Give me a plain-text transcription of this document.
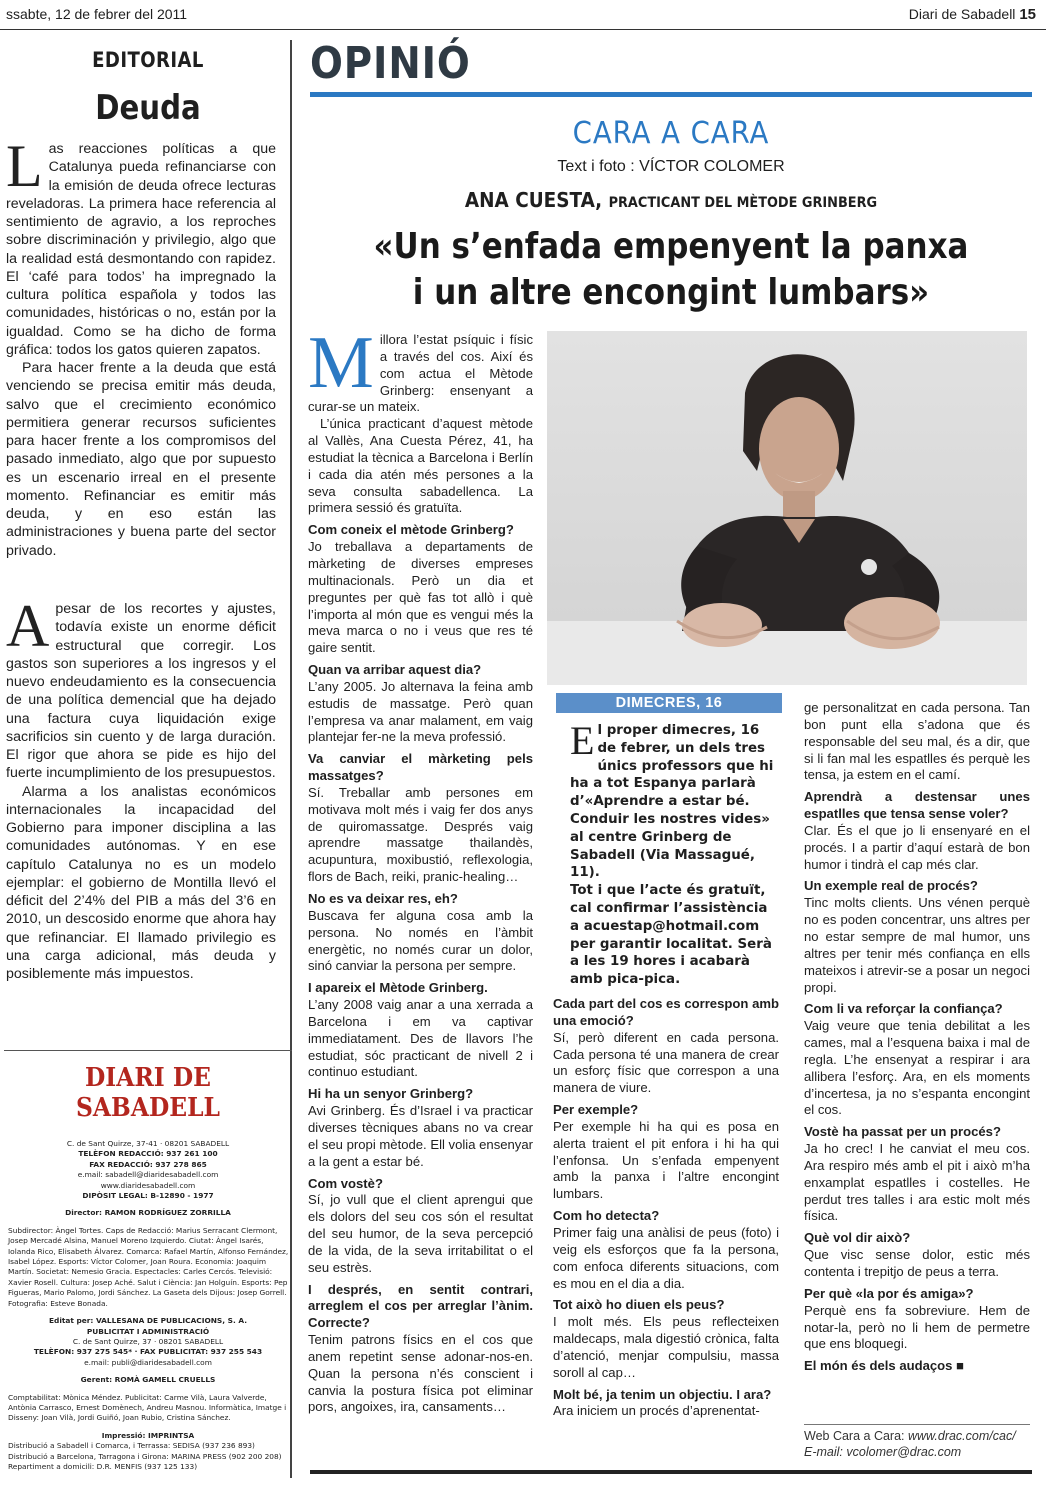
ssabte, 12 de febrer del 2011	Diari de Sabadell 15
EDITORIAL
Deuda

Las reacciones políticas a que Catalunya pueda refinanciarse con la emisión de deuda ofrece lecturas reveladoras. La primera hace referencia al sentimiento de agravio, a los reproches sobre discriminación y privilegio, algo que la realidad está desmontando con rapidez. El ‘café para todos’ ha impregnado la cultura política española y todos las comunidades, históricas o no, están por la igualdad. Como se ha dicho de forma gráfica: todos los gatos quieren zapatos.

Para hacer frente a la deuda que está venciendo se precisa emitir más deuda, salvo que el crecimiento económico permitiera generar recursos suficientes para hacer frente a los compromisos del pasado inmediato, algo que por supuesto es un escenario irreal en el presente momento. Refinanciar es emitir más deuda, y en eso están las administraciones y buena parte del sector privado.

Apesar de los recortes y ajustes, todavía existe un enorme déficit estructural que corregir. Los gastos son superiores a los ingresos y el nuevo endeudamiento es la consecuencia de una política demencial que ha dejado una factura cuya liquidación exige sacrificios sin cuento y de larga duración. El rigor que ahora se pide es hijo del fuerte incumplimiento de los presupuestos.

Alarma a los analistas económicos internacionales la incapacidad del Gobierno para imponer disciplina a las comunidades autónomas. Y en ese capítulo Catalunya no es un modelo ejemplar: el gobierno de Montilla llevó el déficit del 2’4% del PIB a más del 3’6 en 2010, un descosido enorme que ahora hay que refinanciar. El llamado privilegio es una carga adicional, más deuda y posiblemente más impuestos.

DIARI DE SABADELL
C. de Sant Quirze, 37-41 · 08201 SABADELL
TELÈFON REDACCIÓ: 937 261 100
FAX REDACCIÓ: 937 278 865
e.mail: sabadell@diaridesabadell.com
www.diaridesabadell.com
DIPÒSIT LEGAL: B-12890 - 1977
Director: RAMON RODRÍGUEZ ZORRILLA
Subdirector: Àngel Tortes. Caps de Redacció: Marius Serracant Clermont, Josep Mercadé Alsina, Manuel Moreno Izquierdo. Ciutat: Àngel Isarés, Iolanda Rico, Elisabeth Álvarez. Comarca: Rafael Martín, Alfonso Fernández, Isabel López. Esports: Víctor Colomer, Joan Roura. Economia: Joaquim Martín. Societat: Nemesio Gracia. Espectacles: Carles Cercós. Televisió: Xavier Rosell. Cultura: Josep Aché. Salut i Ciència: Jan Holguín. Esports: Pep Figueras, Mario Palomo, Jordi Sánchez. La Gaseta dels Dijous: Josep Gorrell. Fotografia: Esteve Bonada.
Editat per: VALLESANA DE PUBLICACIONS, S. A.
PUBLICITAT I ADMINISTRACIÓ
C. de Sant Quirze, 37 · 08201 SABADELL
TELÈFON: 937 275 545* · FAX PUBLICITAT: 937 255 543
e.mail: publi@diaridesabadell.com
Gerent: ROMÀ GAMELL CRUELLS
Comptabilitat: Mònica Méndez. Publicitat: Carme Vilà, Laura Valverde, Antònia Carrasco, Ernest Domènech, Andreu Masnou. Informàtica, Imatge i Disseny: Joan Vilà, Jordi Guiñó, Joan Rubio, Cristina Sánchez.
Impressió: IMPRINTSA
Distribució a Sabadell i Comarca, i Terrassa: SEDISA (937 236 893)
Distribució a Barcelona, Tarragona i Girona: MARINA PRESS (902 200 208)
Repartiment a domicili: D.R. MENFIS (937 125 133)
OPINIÓ
CARA A CARA
Text i foto : VÍCTOR COLOMER
ANA CUESTA, PRACTICANT DEL MÈTODE GRINBERG
«Un s’enfada empenyent la panxa
i un altre encongint lumbars»

Millora l’estat psíquic i físic a través del cos. Així és com actua el Mètode Grinberg: ensenyant a curar-se un mateix.

L’única practicant d’aquest mètode al Vallès, Ana Cuesta Pérez, 41, ha estudiat la tècnica a Barcelona i Berlín i cada dia atén més persones a la seva consulta sabadellenca. La primera sessió és gratuïta.

Com coneix el mètode Grinberg?

Jo treballava a departaments de màrketing de diverses empreses multinacionals. Però un dia et preguntes per què fas tot allò i què l’importa al món que es vengui més la meva marca o no i veus que res té gaire sentit.

Quan va arribar aquest dia?

L’any 2005. Jo alternava la feina amb estudis de massatge. Però quan l’empresa va anar malament, em vaig plantejar fer-ne la meva professió.

Va canviar el màrketing pels massatges?

Sí. Treballar amb persones em motivava molt més i vaig fer dos anys de quiromassatge. Després vaig aprendre massatge thailandès, acupuntura, moxibustió, reflexologia, flors de Bach, reiki, pranic-healing…

No es va deixar res, eh?

Buscava fer alguna cosa amb la persona. No només en l’àmbit energètic, no només curar un dolor, sinó canviar la persona per sempre.

I apareix el Mètode Grinberg.

L’any 2008 vaig anar a una xerrada a Barcelona i em va captivar immediatament. Des de llavors l’he estudiat, sóc practicant de nivell 2 i continuo estudiant.

Hi ha un senyor Grinberg?

Avi Grinberg. És d’Israel i va practicar diverses tècniques abans no va crear el seu propi mètode. Ell volia ensenyar a la gent a estar bé.

Com vostè?

Sí, jo vull que el client aprengui que els dolors del seu cos són el resultat del seu humor, de la seva percepció de la vida, de la seva irritabilitat o el seu estrès.

I després, en sentit contrari, arreglem el cos per arreglar l’ànim. Correcte?

Tenim patrons físics en el cos que anem repetint sense adonar-nos-en. Quan la persona n’és conscient i canvia la postura física pot eliminar pors, angoixes, ira, cansaments…

DIMECRES, 16

El proper dimecres, 16 de febrer, un dels tres únics professors que hi ha a tot Espanya parlarà d’«Aprendre a estar bé. Conduir les nostres vides» al centre Grinberg de Sabadell (Via Massagué, 11).

Tot i que l’acte és gratuït, cal confirmar l’assistència a acuestap@hotmail.com per garantir localitat. Serà a les 19 hores i acabarà amb pica-pica.

Cada part del cos es correspon amb una emoció?

Sí, però diferent en cada persona. Cada persona té una manera de crear un esforç físic que correspon a una manera de viure.

Per exemple?

Per exemple hi ha qui es posa en alerta traient el pit enfora i hi ha qui l’enfonsa. Un s’enfada empenyent amb la panxa i l’altre encongint lumbars.

Com ho detecta?

Primer faig una anàlisi de peus (foto) i veig els esforços que fa la persona, com enfoca diferents situacions, com es mou en el dia a dia.

Tot això ho diuen els peus?

I molt més. Els peus reflecteixen maldecaps, mala digestió crònica, falta d’atenció, menjar compulsiu, massa soroll al cap…

Molt bé, ja tenim un objectiu. I ara?

Ara iniciem un procés d’aprenentat-

ge personalitzat en cada persona. Tan bon punt ella s’adona que és responsable del seu mal, és a dir, que si li fan mal les espatlles és perquè les tensa, ja estem en el camí.

Aprendrà a destensar unes espatlles que tensa sense voler?

Clar. És el que jo li ensenyaré en el procés. I a partir d’aquí estarà de bon humor i tindrà el cap més clar.

Un exemple real de procés?

Tinc molts clients. Uns vénen perquè no es poden concentrar, uns altres per no estar sempre de mal humor, uns altres per tenir més confiança en ells mateixos i atrevir-se a posar un negoci propi.

Com li va reforçar la confiança?

Vaig veure que tenia debilitat a les cames, mal a l’esquena baixa i mal de regla. L’he ensenyat a respirar i ara allibera l’esforç. Ara, en els moments d’incertesa, ja no s’espanta encongint el cos.

Vostè ha passat per un procés?

Ja ho crec! I he canviat el meu cos. Ara respiro més amb el pit i això m’ha enxamplat espatlles i costelles. He perdut tres talles i ara estic molt més física.

Què vol dir això?

Que visc sense dolor, estic més contenta i trepitjo de peus a terra.

Per què «la por és amiga»?

Perquè ens fa sobreviure. Hem de notar-la, però no li hem de permetre que ens bloquegi.

El món és dels audaços ■

Web Cara a Cara: www.drac.com/cac/
E-mail: vcolomer@drac.com
